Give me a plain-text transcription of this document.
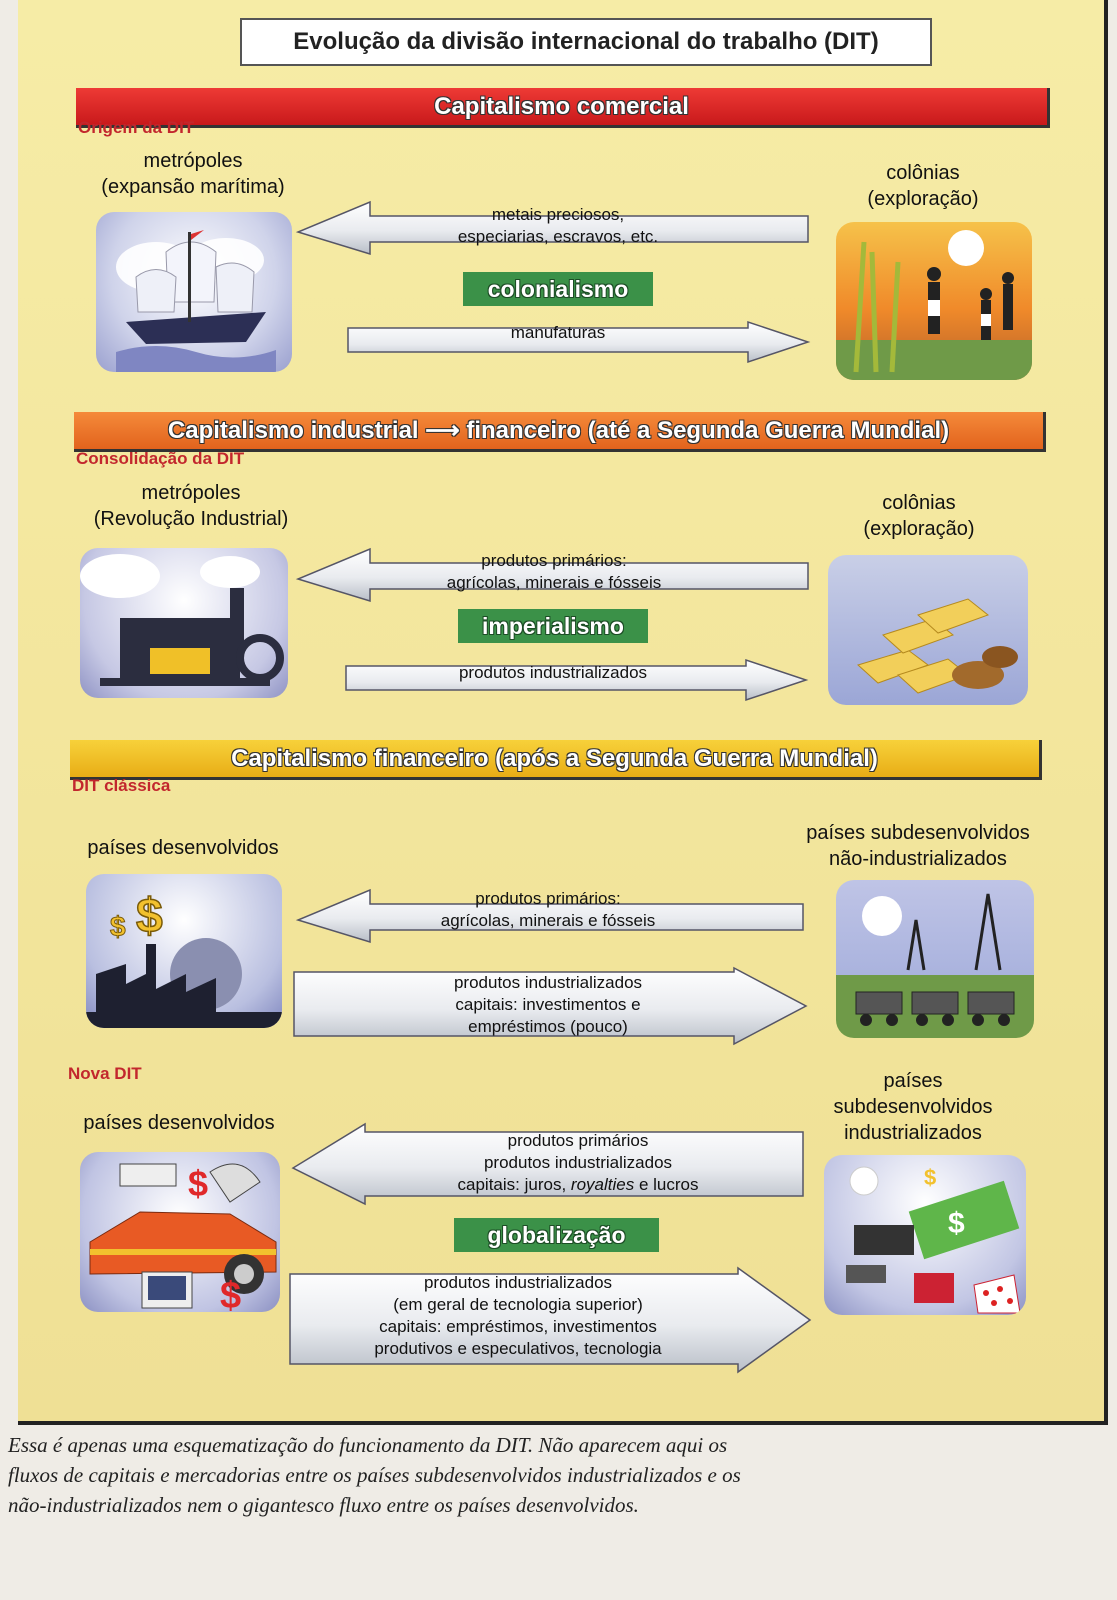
Evolução da divisão internacional do trabalho (DIT)
Capitalismo comercial
Origem da DIT
metrópoles
(expansão marítima)
colônias
(exploração)
metais preciosos,
especiarias, escravos, etc.
colonialismo
manufaturas
Capitalismo industrial ⟶ financeiro (até a Segunda Guerra Mundial)
Consolidação da DIT
metrópoles
(Revolução Industrial)
colônias
(exploração)
produtos primários:
agrícolas, minerais e fósseis
imperialismo
produtos industrializados
Capitalismo financeiro (após a Segunda Guerra Mundial)
DIT clássica
países desenvolvidos
países subdesenvolvidos
não-industrializados
$
$
produtos primários:
agrícolas, minerais e fósseis
produtos industrializados
capitais: investimentos e
empréstimos (pouco)
Nova DIT
países desenvolvidos
países
subdesenvolvidos
industrializados
$
$
$
$
produtos primários
produtos industrializados
capitais: juros, royalties e lucros
globalização
produtos industrializados
(em geral de tecnologia superior)
capitais: empréstimos, investimentos
produtivos e especulativos, tecnologia
Essa é apenas uma esquematização do funcionamento da DIT. Não aparecem aqui os
fluxos de capitais e mercadorias entre os países subdesenvolvidos industrializados e os
não-industrializados nem o gigantesco fluxo entre os países desenvolvidos.
